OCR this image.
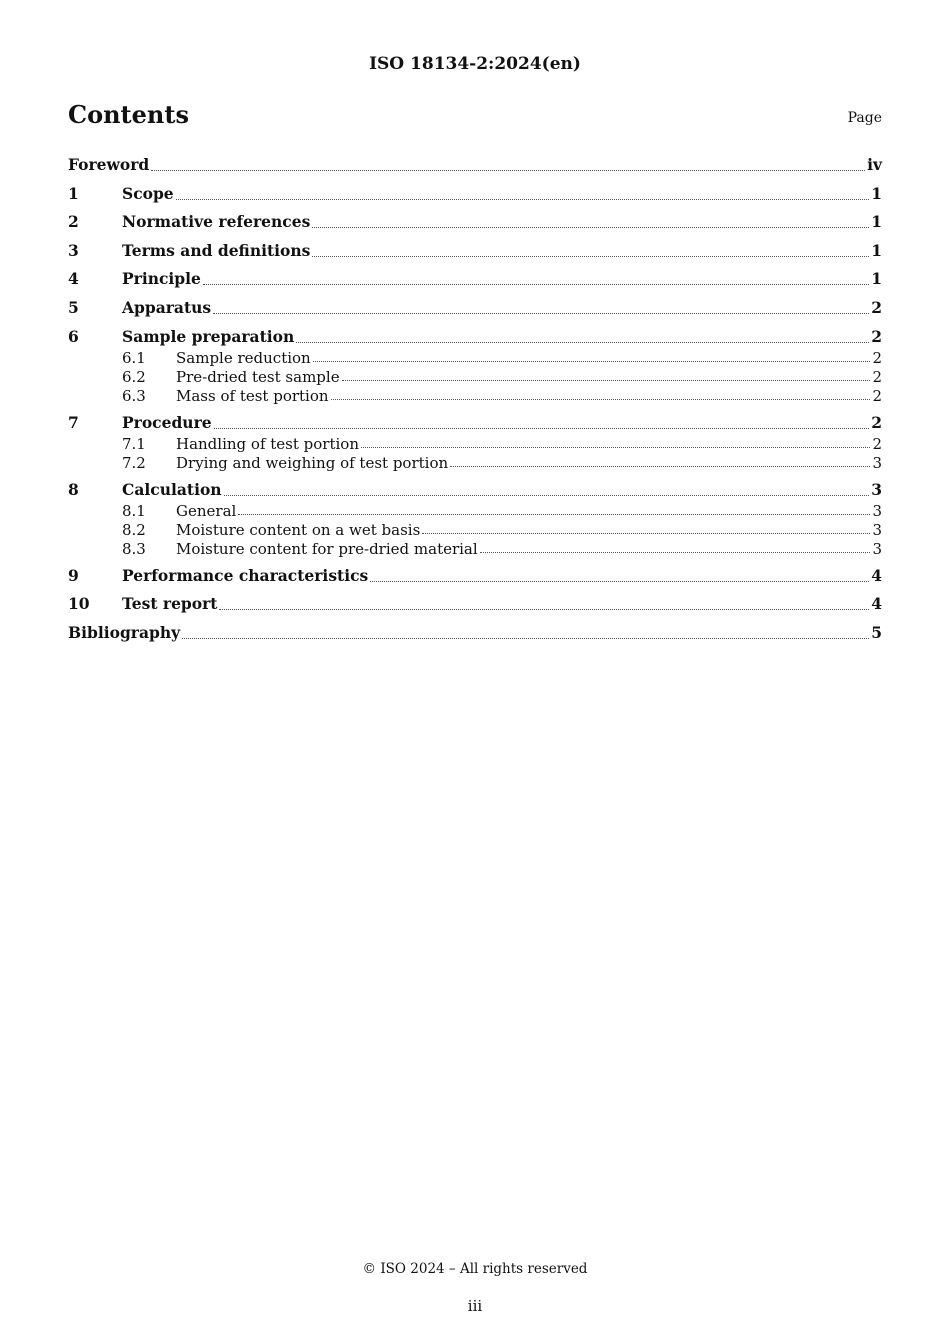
ISO 18134-2:2024(en)
Contents	Page
Foreword	iv
1	Scope	1
2	Normative references	1
3	Terms and definitions	1
4	Principle	1
5	Apparatus	2
6	Sample preparation	2
6.1	Sample reduction	2
6.2	Pre-dried test sample	2
6.3	Mass of test portion	2
7	Procedure	2
7.1	Handling of test portion	2
7.2	Drying and weighing of test portion	3
8	Calculation	3
8.1	General	3
8.2	Moisture content on a wet basis	3
8.3	Moisture content for pre-dried material	3
9	Performance characteristics	4
10	Test report	4
Bibliography	5
© ISO 2024 – All rights reserved
iii
